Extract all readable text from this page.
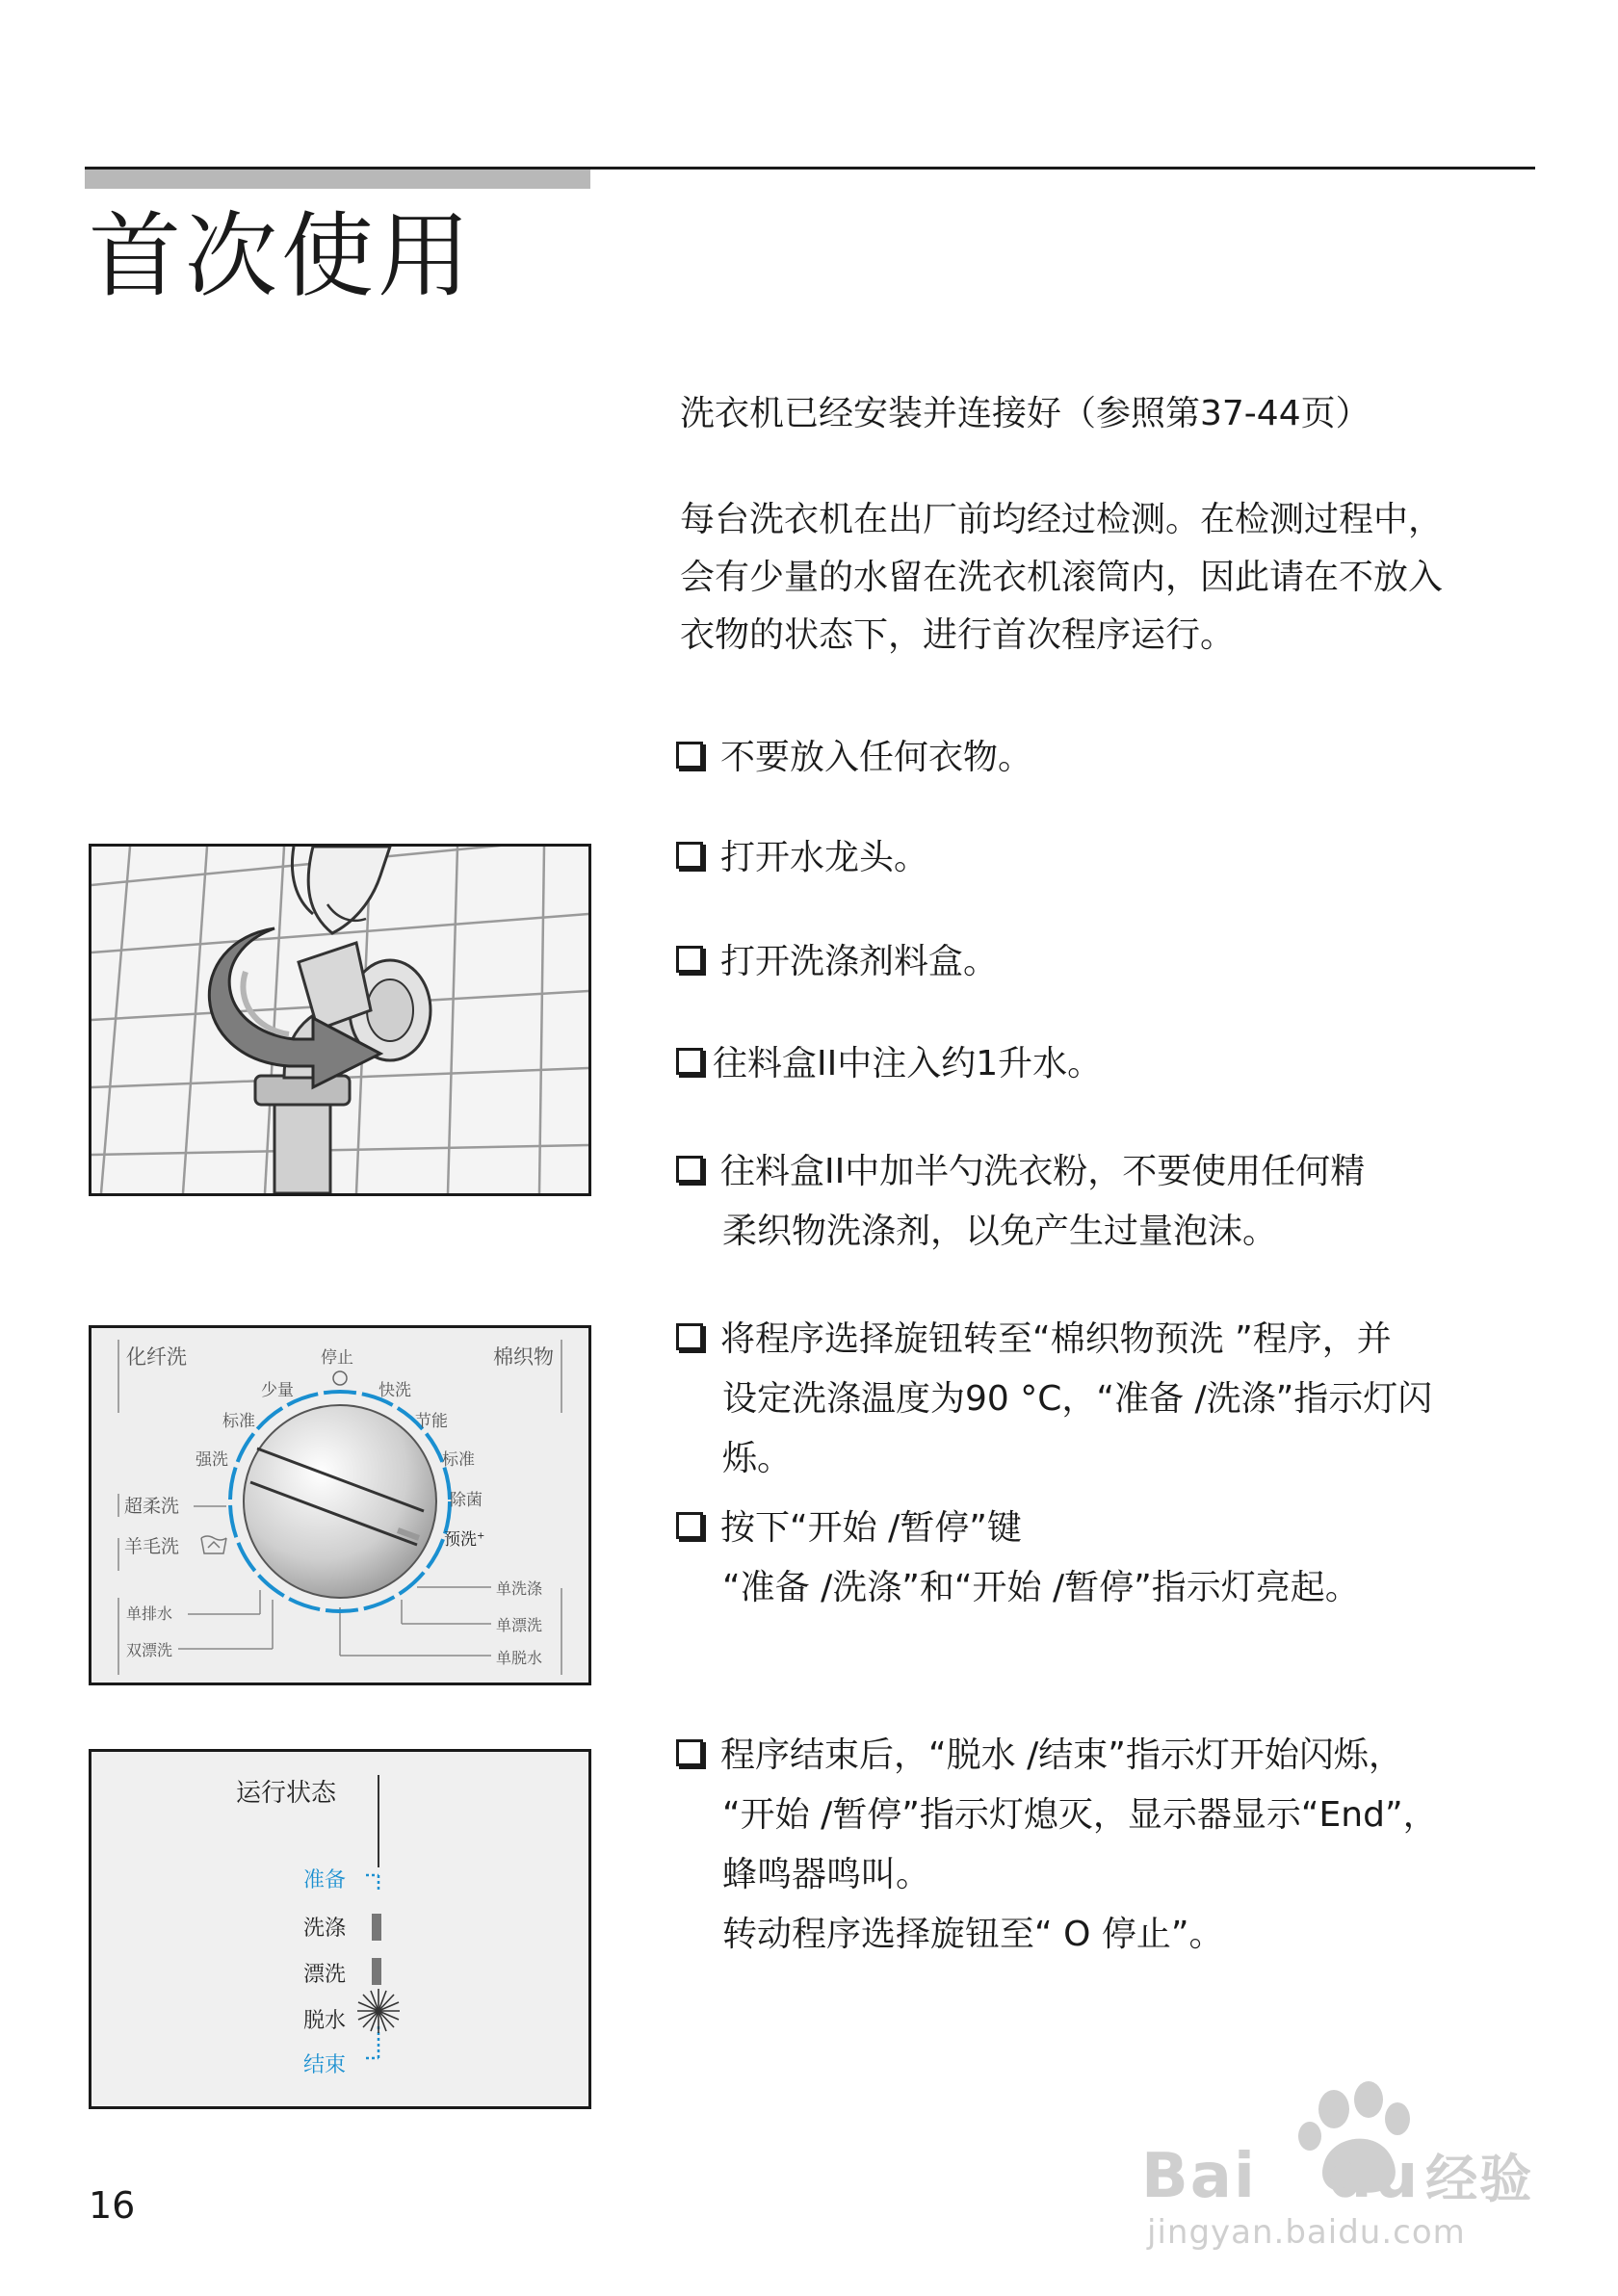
首次使用
洗衣机已经安装并连接好（参照第37-44页）
每台洗衣机在出厂前均经过检测。在检测过程中，
会有少量的水留在洗衣机滚筒内，因此请在不放入
衣物的状态下，进行首次程序运行。
不要放入任何衣物。
打开水龙头。
打开洗涤剂料盒。
往料盒II中注入约1升水。
往料盒II中加半勺洗衣粉，不要使用任何精
柔织物洗涤剂，以免产生过量泡沫。
将程序选择旋钮转至“棉织物预洗 ”程序，并
设定洗涤温度为90 °C，“准备 /洗涤”指示灯闪
烁。
按下“开始 /暂停”键
“准备 /洗涤”和“开始 /暂停”指示灯亮起。
程序结束后，“脱水 /结束”指示灯开始闪烁，
“开始 /暂停”指示灯熄灭，显示器显示“End”，
蜂鸣器鸣叫。
转动程序选择旋钮至“ O 停止”。
化纤洗	棉织物
停止
少量
标准
强洗
超柔洗
羊毛洗
快洗
节能
标准
除菌
预洗+
单排水
双漂洗
单洗涤
单漂洗
单脱水
运行状态
准备
洗涤
漂洗
脱水
结束
16	Bai du 经验
jingyan.baidu.com
